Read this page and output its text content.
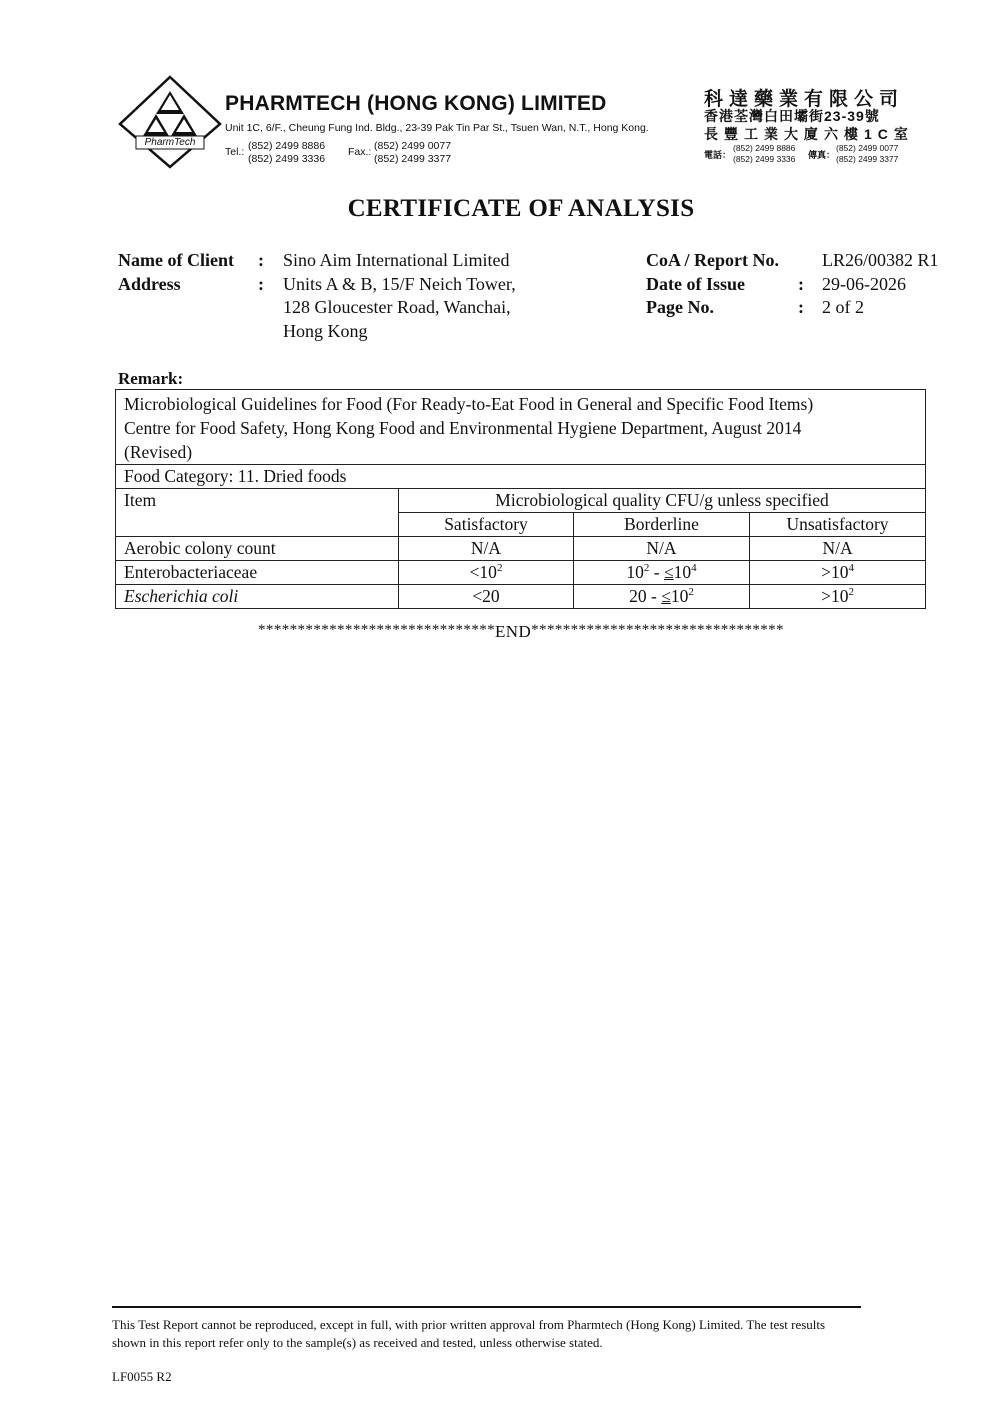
PharmTech
PHARMTECH (HONG KONG) LIMITED
Unit 1C, 6/F., Cheung Fung Ind. Bldg., 23-39 Pak Tin Par St., Tsuen Wan, N.T., Hong Kong.
Tel.: (852) 2499 8886
(852) 2499 3336
Fax.: (852) 2499 0077
(852) 2499 3377
科達藥業有限公司
香港荃灣白田壩街23-39號
長豐工業大廈六樓1C室
電話：
(852) 2499 8886
(852) 2499 3336 傳真：
(852) 2499 0077
(852) 2499 3377
CERTIFICATE OF ANALYSIS
Name of Client : Sino Aim International Limited
Address	: Units A & B, 15/F Neich Tower,
128 Gloucester Road, Wanchai,
Hong Kong
CoA / Report No. LR26/00382 R1
Date of Issue	: 29-06-2026
Page No.	: 2 of 2
Remark:
Microbiological Guidelines for Food (For Ready-to-Eat Food in General and Specific Food Items)
Centre for Food Safety, Hong Kong Food and Environmental Hygiene Department, August 2014
(Revised)			

Food Category: 11. Dried foods			
Item	Microbiological quality CFU/g unless specified		
	Satisfactory	Borderline	Unsatisfactory
Aerobic colony count	N/A	N/A	N/A
Enterobacteriaceae	$<10^2$	$10^2 - \le 10^4$	$>10^4$
Escherichia coli	<20	$20 - \le 10^2$	$>10^2$
******************************END********************************
This Test Report cannot be reproduced, except in full, with prior written approval from Pharmtech (Hong Kong) Limited. The test results
shown in this report refer only to the sample(s) as received and tested, unless otherwise stated.
LF0055 R2
